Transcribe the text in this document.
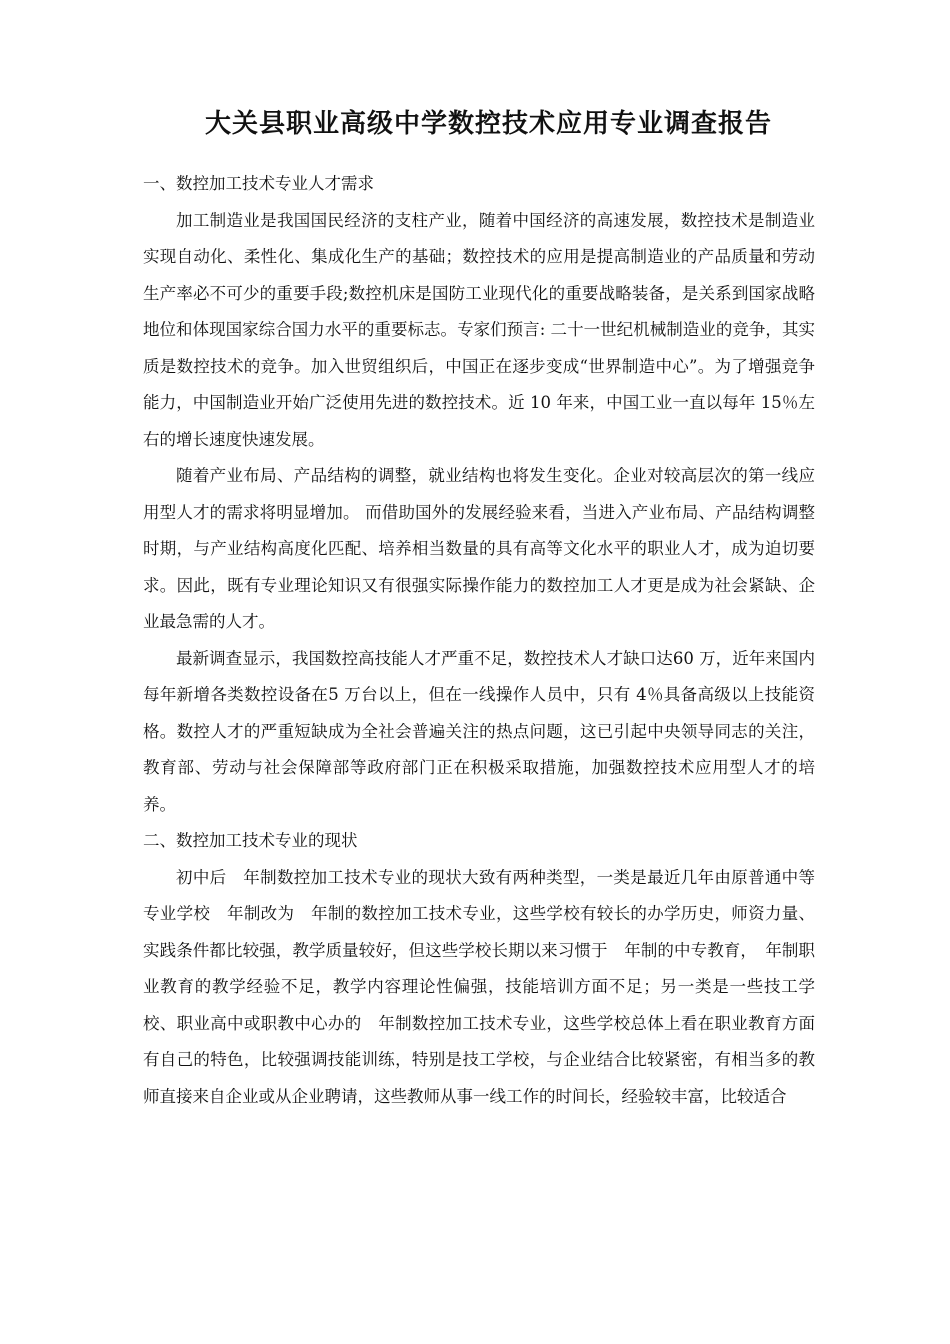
大关县职业高级中学数控技术应用专业调查报告

一、数控加工技术专业人才需求

加工制造业是我国国民经济的支柱产业，随着中国经济的高速发展，数控技术是制造业实现自动化、柔性化、集成化生产的基础；数控技术的应用是提高制造业的产品质量和劳动生产率必不可少的重要手段;数控机床是国防工业现代化的重要战略装备，是关系到国家战略地位和体现国家综合国力水平的重要标志。专家们预言: 二十一世纪机械制造业的竞争，其实质是数控技术的竞争。加入世贸组织后，中国正在逐步变成“世界制造中心”。为了增强竞争能力，中国制造业开始广泛使用先进的数控技术。近 10 年来，中国工业一直以每年 15％左右的增长速度快速发展。

随着产业布局、产品结构的调整，就业结构也将发生变化。企业对较高层次的第一线应用型人才的需求将明显增加。 而借助国外的发展经验来看，当进入产业布局、产品结构调整时期，与产业结构高度化匹配、培养相当数量的具有高等文化水平的职业人才，成为迫切要求。因此，既有专业理论知识又有很强实际操作能力的数控加工人才更是成为社会紧缺、企业最急需的人才。

最新调查显示，我国数控高技能人才严重不足，数控技术人才缺口达60 万，近年来国内每年新增各类数控设备在5 万台以上，但在一线操作人员中，只有 4％具备高级以上技能资格。数控人才的严重短缺成为全社会普遍关注的热点问题，这已引起中央领导同志的关注，教育部、劳动与社会保障部等政府部门正在积极采取措施，加强数控技术应用型人才的培养。

二、数控加工技术专业的现状

初中后　年制数控加工技术专业的现状大致有两种类型，一类是最近几年由原普通中等专业学校　年制改为　年制的数控加工技术专业，这些学校有较长的办学历史，师资力量、实践条件都比较强，教学质量较好，但这些学校长期以来习惯于　年制的中专教育，　年制职业教育的教学经验不足，教学内容理论性偏强，技能培训方面不足；另一类是一些技工学校、职业高中或职教中心办的　年制数控加工技术专业，这些学校总体上看在职业教育方面有自己的特色，比较强调技能训练，特别是技工学校，与企业结合比较紧密，有相当多的教师直接来自企业或从企业聘请，这些教师从事一线工作的时间长，经验较丰富，比较适合
